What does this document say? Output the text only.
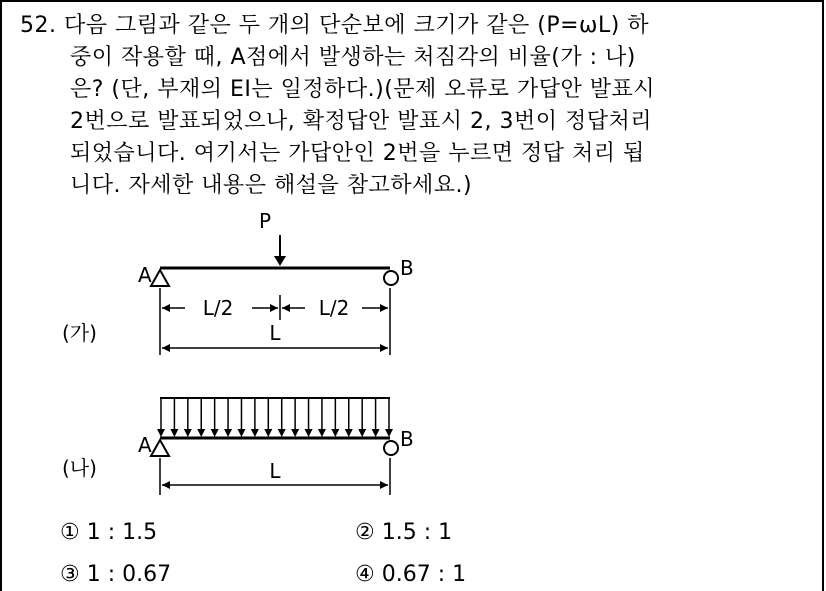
52. 다음 그림과 같은 두 개의 단순보에 크기가 같은 (P=ωL) 하
중이 작용할 때, A점에서 발생하는 처짐각의 비율(가 : 나)
은? (단, 부재의 EI는 일정하다.)(문제 오류로 가답안 발표시
2번으로 발표되었으나, 확정답안 발표시 2, 3번이 정답처리
되었습니다. 여기서는 가답안인 2번을 누르면 정답 처리 됩
니다. 자세한 내용은 해설을 참고하세요.)
P
A	B
L/2	L/2
L
(가)
A	B
L
(나)
① 1 : 1.5	② 1.5 : 1
③ 1 : 0.67	④ 0.67 : 1
